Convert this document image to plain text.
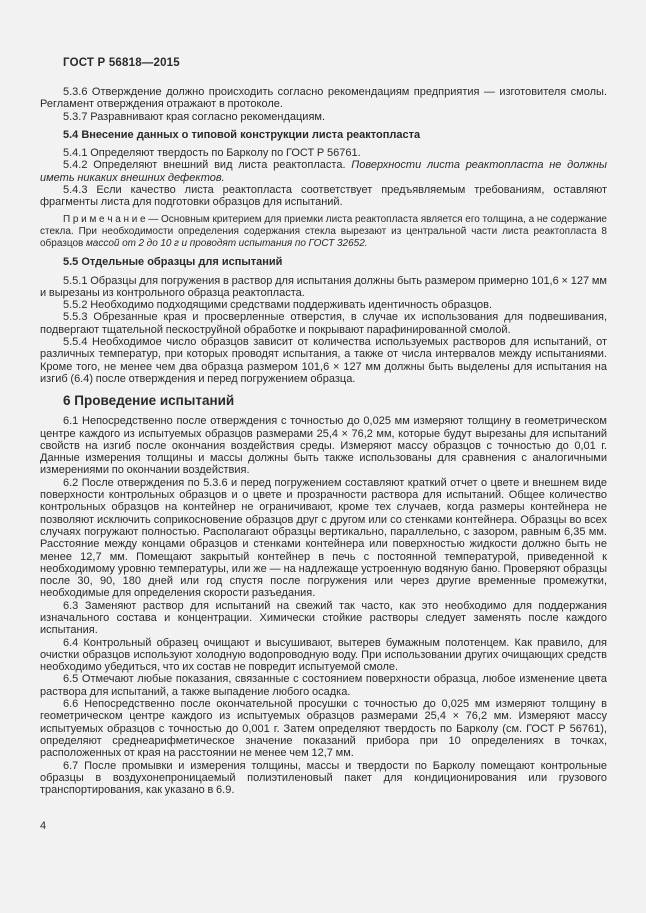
ГОСТ Р 56818—2015

5.3.6 Отверждение должно происходить согласно рекомендациям предприятия — изготовителя смолы. Регламент отверждения отражают в протоколе.

5.3.7 Разравнивают края согласно рекомендациям.

5.4 Внесение данных о типовой конструкции листа реактопласта

5.4.1 Определяют твердость по Барколу по ГОСТ Р 56761.

5.4.2 Определяют внешний вид листа реактопласта. Поверхности листа реактопласта не должны иметь никаких внешних дефектов.

5.4.3 Если качество листа реактопласта соответствует предъявляемым требованиям, оставляют фрагменты листа для подготовки образцов для испытаний.

П р и м е ч а н и е — Основным критерием для приемки листа реактопласта является его толщина, а не содержание стекла. При необходимости определения содержания стекла вырезают из центральной части листа реактопласта 8 образцов массой от 2 до 10 г и проводят испытания по ГОСТ 32652.

5.5 Отдельные образцы для испытаний

5.5.1 Образцы для погружения в раствор для испытания должны быть размером примерно 101,6 × 127 мм и вырезаны из контрольного образца реактопласта.

5.5.2 Необходимо подходящими средствами поддерживать идентичность образцов.

5.5.3 Обрезанные края и просверленные отверстия, в случае их использования для подвешивания, подвергают тщательной пескоструйной обработке и покрывают парафинированной смолой.

5.5.4 Необходимое число образцов зависит от количества используемых растворов для испытаний, от различных температур, при которых проводят испытания, а также от числа интервалов между испытаниями. Кроме того, не менее чем два образца размером 101,6 × 127 мм должны быть выделены для испытания на изгиб (6.4) после отверждения и перед погружением образца.

6 Проведение испытаний

6.1 Непосредственно после отверждения с точностью до 0,025 мм измеряют толщину в геометрическом центре каждого из испытуемых образцов размерами 25,4 × 76,2 мм, которые будут вырезаны для испытаний свойств на изгиб после окончания воздействия среды. Измеряют массу образцов с точностью до 0,01 г. Данные измерения толщины и массы должны быть также использованы для сравнения с аналогичными измерениями по окончании воздействия.

6.2 После отверждения по 5.3.6 и перед погружением составляют краткий отчет о цвете и внешнем виде поверхности контрольных образцов и о цвете и прозрачности раствора для испытаний. Общее количество контрольных образцов на контейнер не ограничивают, кроме тех случаев, когда размеры контейнера не позволяют исключить соприкосновение образцов друг с другом или со стенками контейнера. Образцы во всех случаях погружают полностью. Располагают образцы вертикально, параллельно, с зазором, равным 6,35 мм. Расстояние между концами образцов и стенками контейнера или поверхностью жидкости должно быть не менее 12,7 мм. Помещают закрытый контейнер в печь с постоянной температурой, приведенной к необходимому уровню температуры, или же — на надлежаще устроенную водяную баню. Проверяют образцы после 30, 90, 180 дней или год спустя после погружения или через другие временные промежутки, необходимые для определения скорости разъедания.

6.3 Заменяют раствор для испытаний на свежий так часто, как это необходимо для поддержания изначального состава и концентрации. Химически стойкие растворы следует заменять после каждого испытания.

6.4 Контрольный образец очищают и высушивают, вытерев бумажным полотенцем. Как правило, для очистки образцов используют холодную водопроводную воду. При использовании других очищающих средств необходимо убедиться, что их состав не повредит испытуемой смоле.

6.5 Отмечают любые показания, связанные с состоянием поверхности образца, любое изменение цвета раствора для испытаний, а также выпадение любого осадка.

6.6 Непосредственно после окончательной просушки с точностью до 0,025 мм измеряют толщину в геометрическом центре каждого из испытуемых образцов размерами 25,4 × 76,2 мм. Измеряют массу испытуемых образцов с точностью до 0,001 г. Затем определяют твердость по Барколу (см. ГОСТ Р 56761), определяют среднеарифметическое значение показаний прибора при 10 определениях в точках, расположенных от края на расстоянии не менее чем 12,7 мм.

6.7 После промывки и измерения толщины, массы и твердости по Барколу помещают контрольные образцы в воздухонепроницаемый полиэтиленовый пакет для кондиционирования или грузового транспортирования, как указано в 6.9.

4
